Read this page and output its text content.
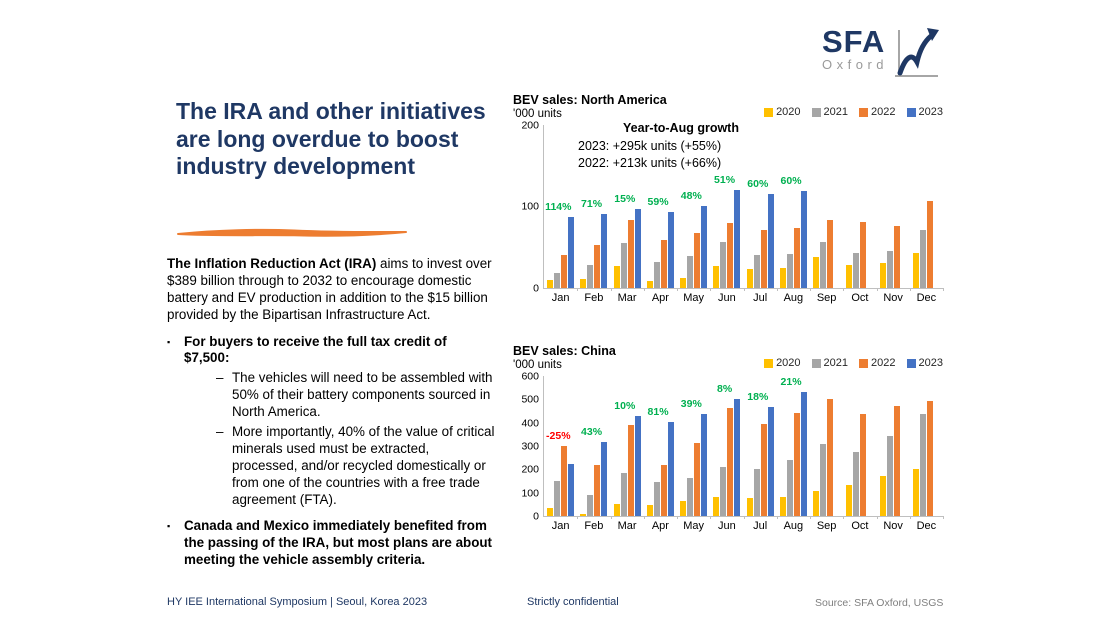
SFA
Oxford
The IRA and other initiatives are long overdue to boost industry development

The Inflation Reduction Act (IRA) aims to invest over $389 billion through to 2032 to encourage domestic battery and EV production in addition to the $15 billion provided by the Bipartisan Infrastructure Act.

▪	For buyers to receive the full tax credit of $7,500:
– The vehicles will need to be assembled with 50% of their battery components sourced in North America.
– More importantly, 40% of the value of critical minerals used must be extracted, processed, and/or recycled domestically or from one of the countries with a free trade agreement (FTA).
▪	Canada and Mexico immediately benefited from the passing of the IRA, but most plans are about meeting the vehicle assembly criteria.
BEV sales: North America
'000 units	2020 2021 2022 2023
0
100
200
114%
Jan
71%
Feb
15%
Mar
59%
Apr
48%
May
51%
Jun
60%
Jul
60%
Aug	Sep	Oct	Nov	Dec
Year-to-Aug growth
2023: +295k units (+55%)
2022: +213k units (+66%)
BEV sales: China
'000 units	2020 2021 2022 2023
0
100
200
300
400
500
600
-25%
Jan
43%
Feb
10%
Mar
81%
Apr
39%
May
8%
Jun
18%
Jul
21%
Aug	Sep	Oct	Nov	Dec
HY IEE International Symposium | Seoul, Korea 2023	Strictly confidential	Source: SFA Oxford, USGS
